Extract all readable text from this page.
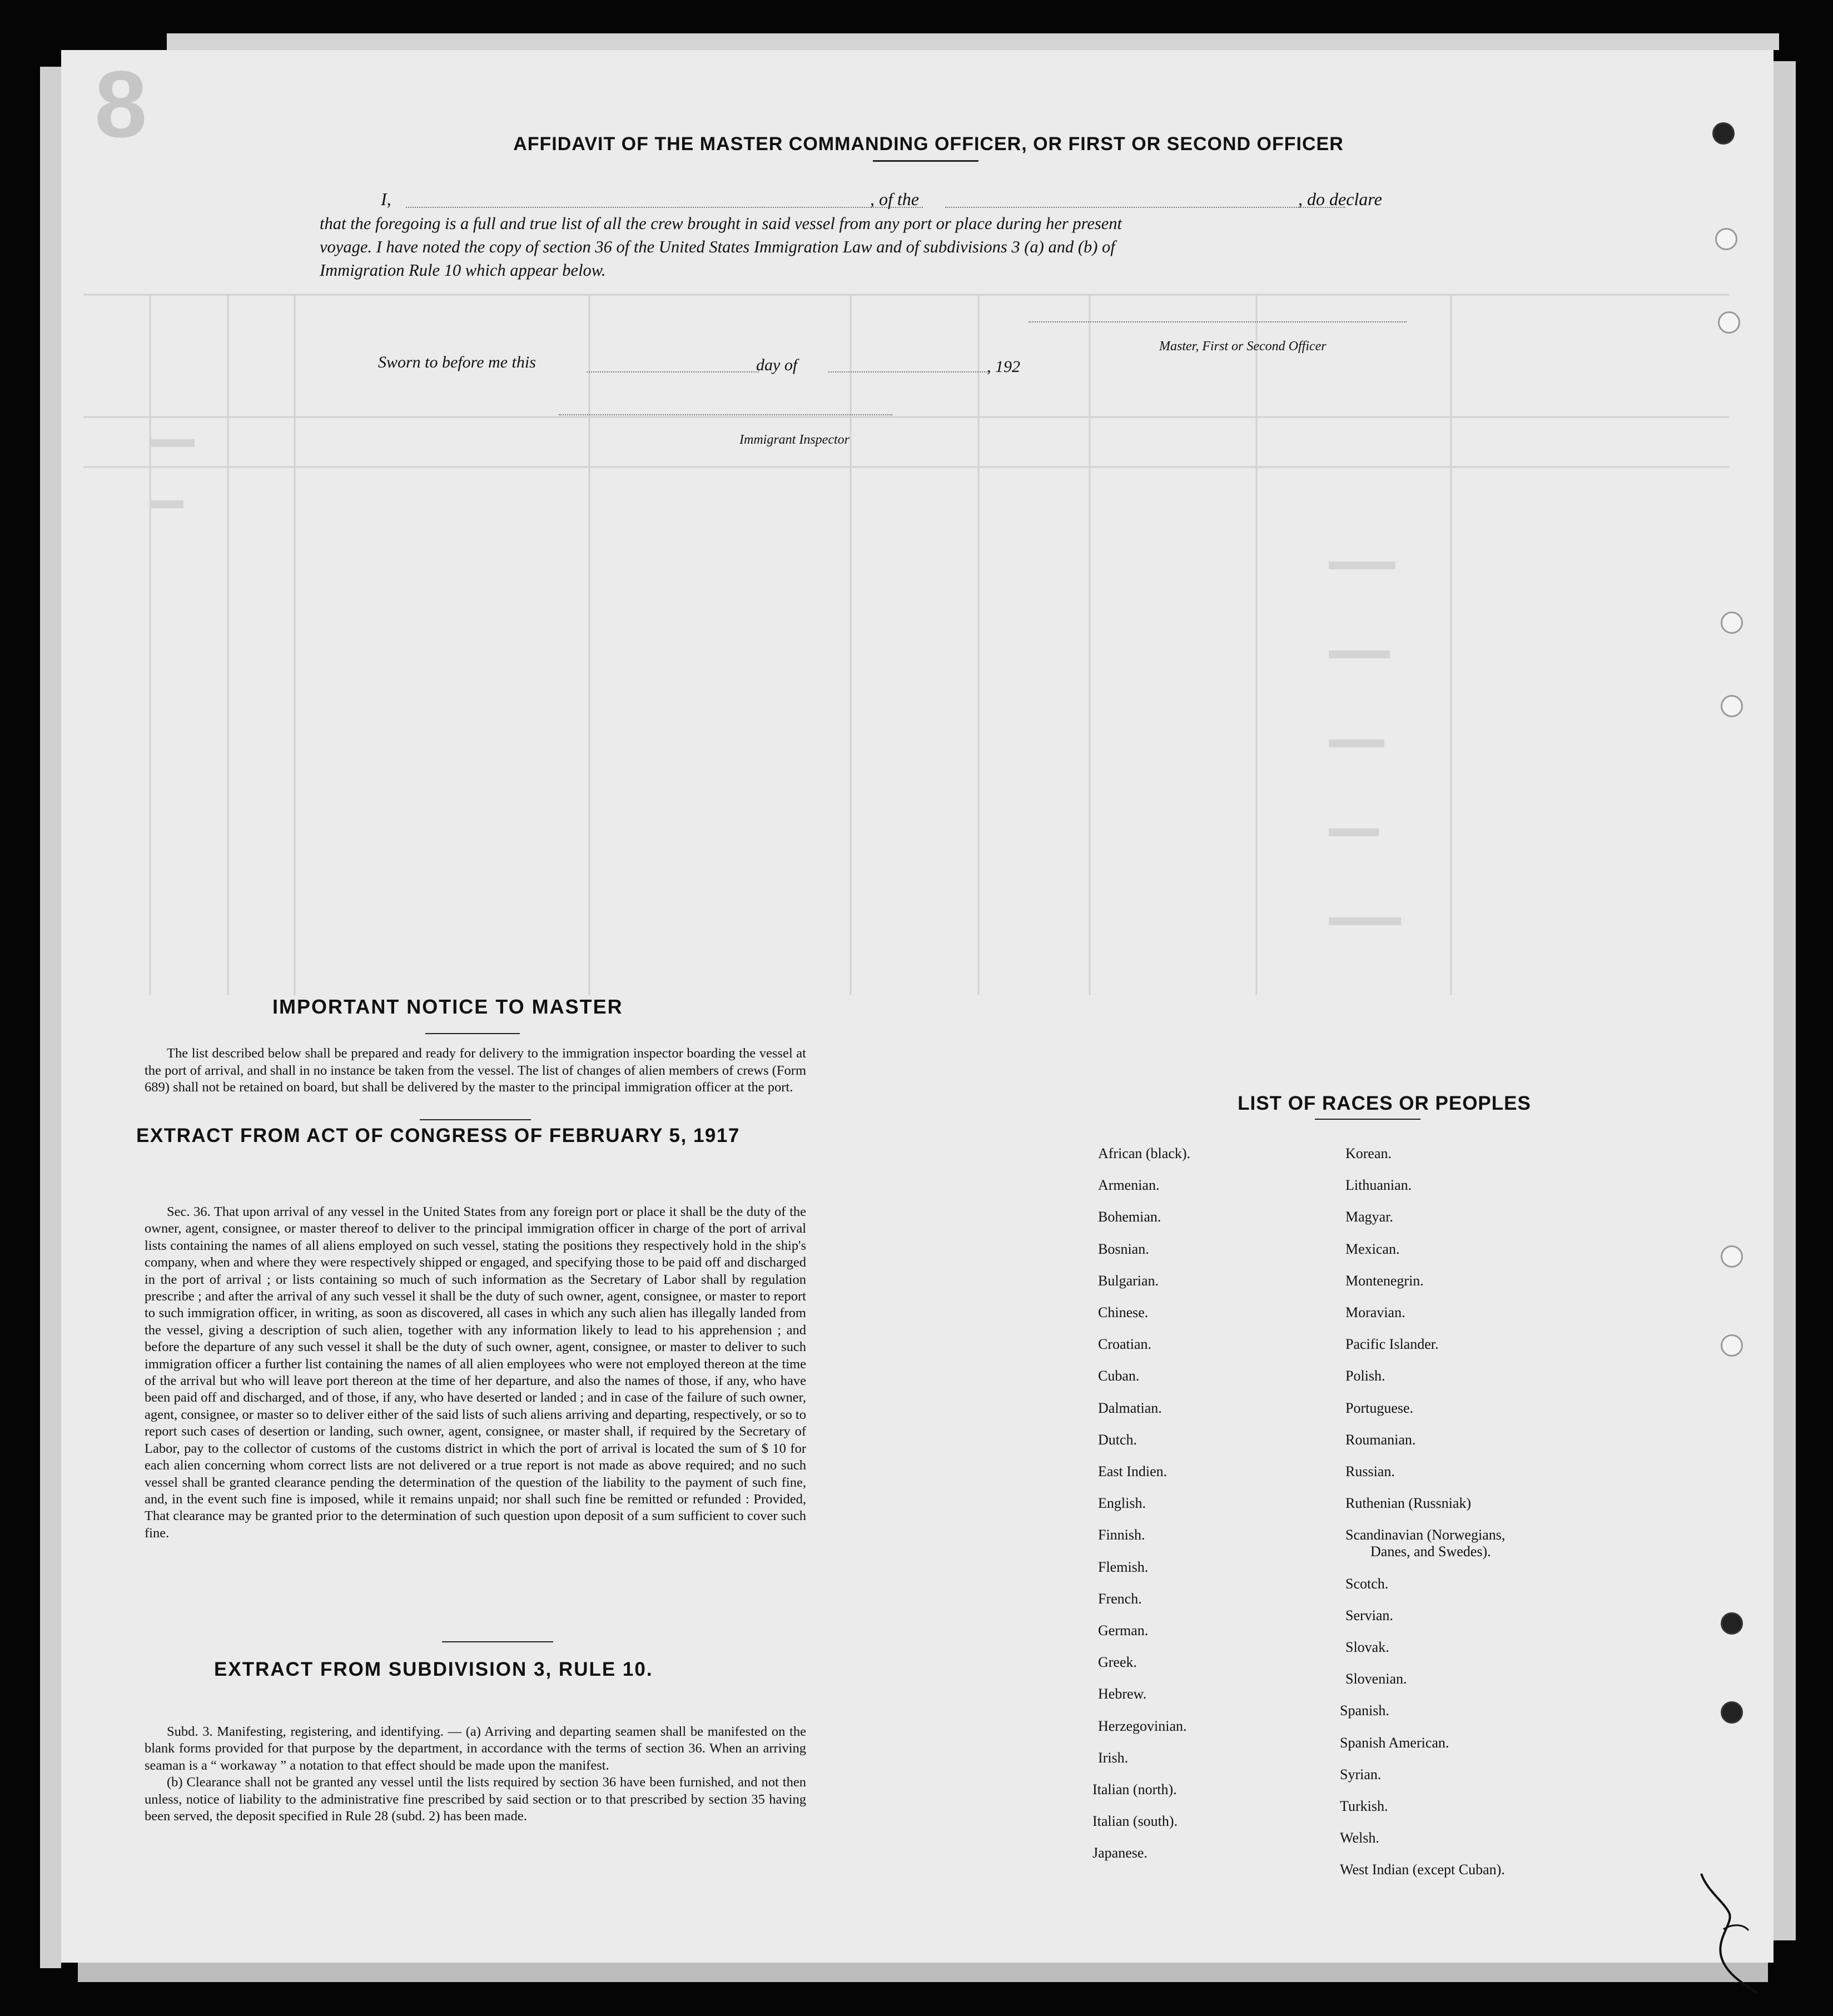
8	AFFIDAVIT OF THE MASTER COMMANDING OFFICER, OR FIRST OR SECOND OFFICER
I,	, of the	, do declare
that the foregoing is a full and true list of all the crew brought in said vessel from any port or place during her present
voyage. I have noted the copy of section 36 of the United States Immigration Law and of subdivisions 3 (a) and (b) of
Immigration Rule 10 which appear below.
Master, First or Second Officer
Sworn to before me this	day of	, 192
Immigrant Inspector
IMPORTANT NOTICE TO MASTER

The list described below shall be prepared and ready for delivery to the immigration inspector boarding the vessel at the port of arrival, and shall in no instance be taken from the vessel. The list of changes of alien members of crews (Form 689) shall not be retained on board, but shall be delivered by the master to the principal immigration officer at the port.

EXTRACT FROM ACT OF CONGRESS OF FEBRUARY 5, 1917

Sec. 36. That upon arrival of any vessel in the United States from any foreign port or place it shall be the duty of the owner, agent, consignee, or master thereof to deliver to the principal immigration officer in charge of the port of arrival lists containing the names of all aliens employed on such vessel, stating the positions they respectively hold in the ship's company, when and where they were respectively shipped or engaged, and specifying those to be paid off and discharged in the port of arrival ; or lists containing so much of such information as the Secretary of Labor shall by regulation prescribe ; and after the arrival of any such vessel it shall be the duty of such owner, agent, consignee, or master to report to such immigration officer, in writing, as soon as discovered, all cases in which any such alien has illegally landed from the vessel, giving a description of such alien, together with any information likely to lead to his apprehension ; and before the departure of any such vessel it shall be the duty of such owner, agent, consignee, or master to deliver to such immigration officer a further list containing the names of all alien employees who were not employed thereon at the time of the arrival but who will leave port thereon at the time of her departure, and also the names of those, if any, who have been paid off and discharged, and of those, if any, who have deserted or landed ; and in case of the failure of such owner, agent, consignee, or master so to deliver either of the said lists of such aliens arriving and departing, respectively, or so to report such cases of desertion or landing, such owner, agent, consignee, or master shall, if required by the Secretary of Labor, pay to the collector of customs of the customs district in which the port of arrival is located the sum of $ 10 for each alien concerning whom correct lists are not delivered or a true report is not made as above required; and no such vessel shall be granted clearance pending the determination of the question of the liability to the payment of such fine, and, in the event such fine is imposed, while it remains unpaid; nor shall such fine be remitted or refunded : Provided, That clearance may be granted prior to the determination of such question upon deposit of a sum sufficient to cover such fine.

EXTRACT FROM SUBDIVISION 3, RULE 10.

Subd. 3. Manifesting, registering, and identifying. — (a) Arriving and departing seamen shall be manifested on the blank forms provided for that purpose by the department, in accordance with the terms of section 36. When an arriving seaman is a “ workaway ” a notation to that effect should be made upon the manifest.

(b) Clearance shall not be granted any vessel until the lists required by section 36 have been furnished, and not then unless, notice of liability to the administrative fine prescribed by said section or to that prescribed by section 35 having been served, the deposit specified in Rule 28 (subd. 2) has been made.

LIST OF RACES OR PEOPLES
African (black).
Armenian.
Bohemian.
Bosnian.
Bulgarian.
Chinese.
Croatian.
Cuban.
Dalmatian.
Dutch.
East Indien.
English.
Finnish.
Flemish.
French.
German.
Greek.
Hebrew.
Herzegovinian.
Irish.
Italian (north).
Italian (south).
Japanese.
Korean.
Lithuanian.
Magyar.
Mexican.
Montenegrin.
Moravian.
Pacific Islander.
Polish.
Portuguese.
Roumanian.
Russian.
Ruthenian (Russniak)
Scandinavian (Norwegians,
Danes, and Swedes).
Scotch.
Servian.
Slovak.
Slovenian.
Spanish.
Spanish American.
Syrian.
Turkish.
Welsh.
West Indian (except Cuban).
